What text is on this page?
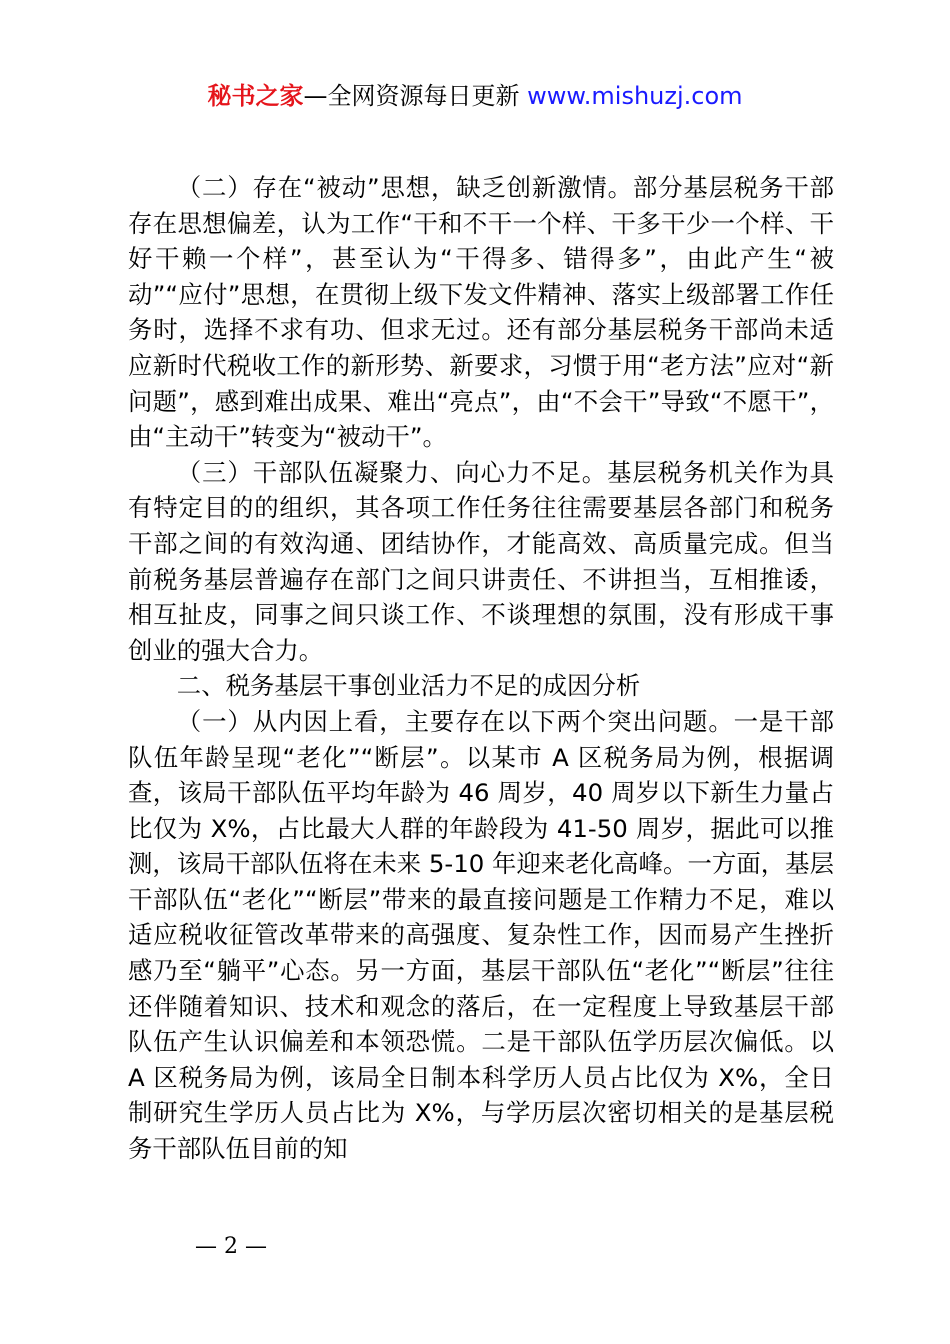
秘书之家—全网资源每日更新 www.mishuzj.com

（二）存在“被动”思想，缺乏创新激情。部分基层税务干部存在思想偏差，认为工作“干和不干一个样、干多干少一个样、干好干赖一个样”，甚至认为“干得多、错得多”，由此产生“被动”“应付”思想，在贯彻上级下发文件精神、落实上级部署工作任务时，选择不求有功、但求无过。还有部分基层税务干部尚未适应新时代税收工作的新形势、新要求，习惯于用“老方法”应对“新问题”，感到难出成果、难出“亮点”，由“不会干”导致“不愿干”，由“主动干”转变为“被动干”。

（三）干部队伍凝聚力、向心力不足。基层税务机关作为具有特定目的的组织，其各项工作任务往往需要基层各部门和税务干部之间的有效沟通、团结协作，才能高效、高质量完成。但当前税务基层普遍存在部门之间只讲责任、不讲担当，互相推诿，相互扯皮，同事之间只谈工作、不谈理想的氛围，没有形成干事创业的强大合力。

二、税务基层干事创业活力不足的成因分析

（一）从内因上看，主要存在以下两个突出问题。一是干部队伍年龄呈现“老化”“断层”。以某市 A 区税务局为例，根据调查，该局干部队伍平均年龄为 46 周岁，40 周岁以下新生力量占比仅为 X%，占比最大人群的年龄段为 41-50 周岁，据此可以推测，该局干部队伍将在未来 5-10 年迎来老化高峰。一方面，基层干部队伍“老化”“断层”带来的最直接问题是工作精力不足，难以适应税收征管改革带来的高强度、复杂性工作，因而易产生挫折感乃至“躺平”心态。另一方面，基层干部队伍“老化”“断层”往往还伴随着知识、技术和观念的落后，在一定程度上导致基层干部队伍产生认识偏差和本领恐慌。二是干部队伍学历层次偏低。以 A 区税务局为例，该局全日制本科学历人员占比仅为 X%，全日制研究生学历人员占比为 X%，与学历层次密切相关的是基层税务干部队伍目前的知

— 2 —
